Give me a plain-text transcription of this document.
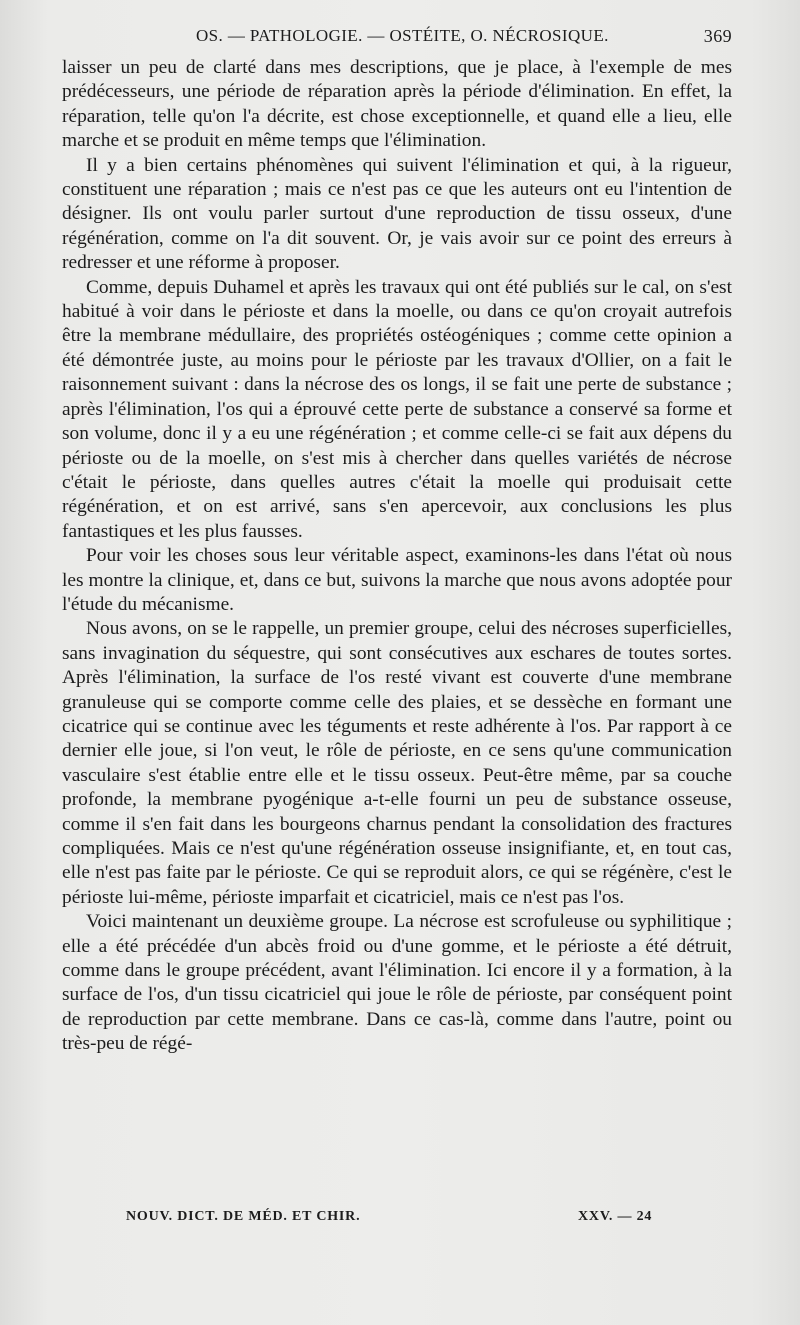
OS. — PATHOLOGIE. — OSTÉITE, O. NÉCROSIQUE.	369

laisser un peu de clarté dans mes descriptions, que je place, à l'exemple de mes prédécesseurs, une période de réparation après la période d'élimination. En effet, la réparation, telle qu'on l'a décrite, est chose exceptionnelle, et quand elle a lieu, elle marche et se produit en même temps que l'élimination.

Il y a bien certains phénomènes qui suivent l'élimination et qui, à la rigueur, constituent une réparation ; mais ce n'est pas ce que les auteurs ont eu l'intention de désigner. Ils ont voulu parler surtout d'une reproduction de tissu osseux, d'une régénération, comme on l'a dit souvent. Or, je vais avoir sur ce point des erreurs à redresser et une réforme à proposer.

Comme, depuis Duhamel et après les travaux qui ont été publiés sur le cal, on s'est habitué à voir dans le périoste et dans la moelle, ou dans ce qu'on croyait autrefois être la membrane médullaire, des propriétés ostéogéniques ; comme cette opinion a été démontrée juste, au moins pour le périoste par les travaux d'Ollier, on a fait le raisonnement suivant : dans la nécrose des os longs, il se fait une perte de substance ; après l'élimination, l'os qui a éprouvé cette perte de substance a conservé sa forme et son volume, donc il y a eu une régénération ; et comme celle-ci se fait aux dépens du périoste ou de la moelle, on s'est mis à chercher dans quelles variétés de nécrose c'était le périoste, dans quelles autres c'était la moelle qui produisait cette régénération, et on est arrivé, sans s'en apercevoir, aux conclusions les plus fantastiques et les plus fausses.

Pour voir les choses sous leur véritable aspect, examinons-les dans l'état où nous les montre la clinique, et, dans ce but, suivons la marche que nous avons adoptée pour l'étude du mécanisme.

Nous avons, on se le rappelle, un premier groupe, celui des nécroses superficielles, sans invagination du séquestre, qui sont consécutives aux eschares de toutes sortes. Après l'élimination, la surface de l'os resté vivant est couverte d'une membrane granuleuse qui se comporte comme celle des plaies, et se dessèche en formant une cicatrice qui se continue avec les téguments et reste adhérente à l'os. Par rapport à ce dernier elle joue, si l'on veut, le rôle de périoste, en ce sens qu'une communication vasculaire s'est établie entre elle et le tissu osseux. Peut-être même, par sa couche profonde, la membrane pyogénique a-t-elle fourni un peu de substance osseuse, comme il s'en fait dans les bourgeons charnus pendant la consolidation des fractures compliquées. Mais ce n'est qu'une régénération osseuse insignifiante, et, en tout cas, elle n'est pas faite par le périoste. Ce qui se reproduit alors, ce qui se régénère, c'est le périoste lui-même, périoste imparfait et cicatriciel, mais ce n'est pas l'os.

Voici maintenant un deuxième groupe. La nécrose est scrofuleuse ou syphilitique ; elle a été précédée d'un abcès froid ou d'une gomme, et le périoste a été détruit, comme dans le groupe précédent, avant l'élimination. Ici encore il y a formation, à la surface de l'os, d'un tissu cicatriciel qui joue le rôle de périoste, par conséquent point de reproduction par cette membrane. Dans ce cas-là, comme dans l'autre, point ou très-peu de régé-

NOUV. DICT. DE MÉD. ET CHIR.	XXV. — 24
